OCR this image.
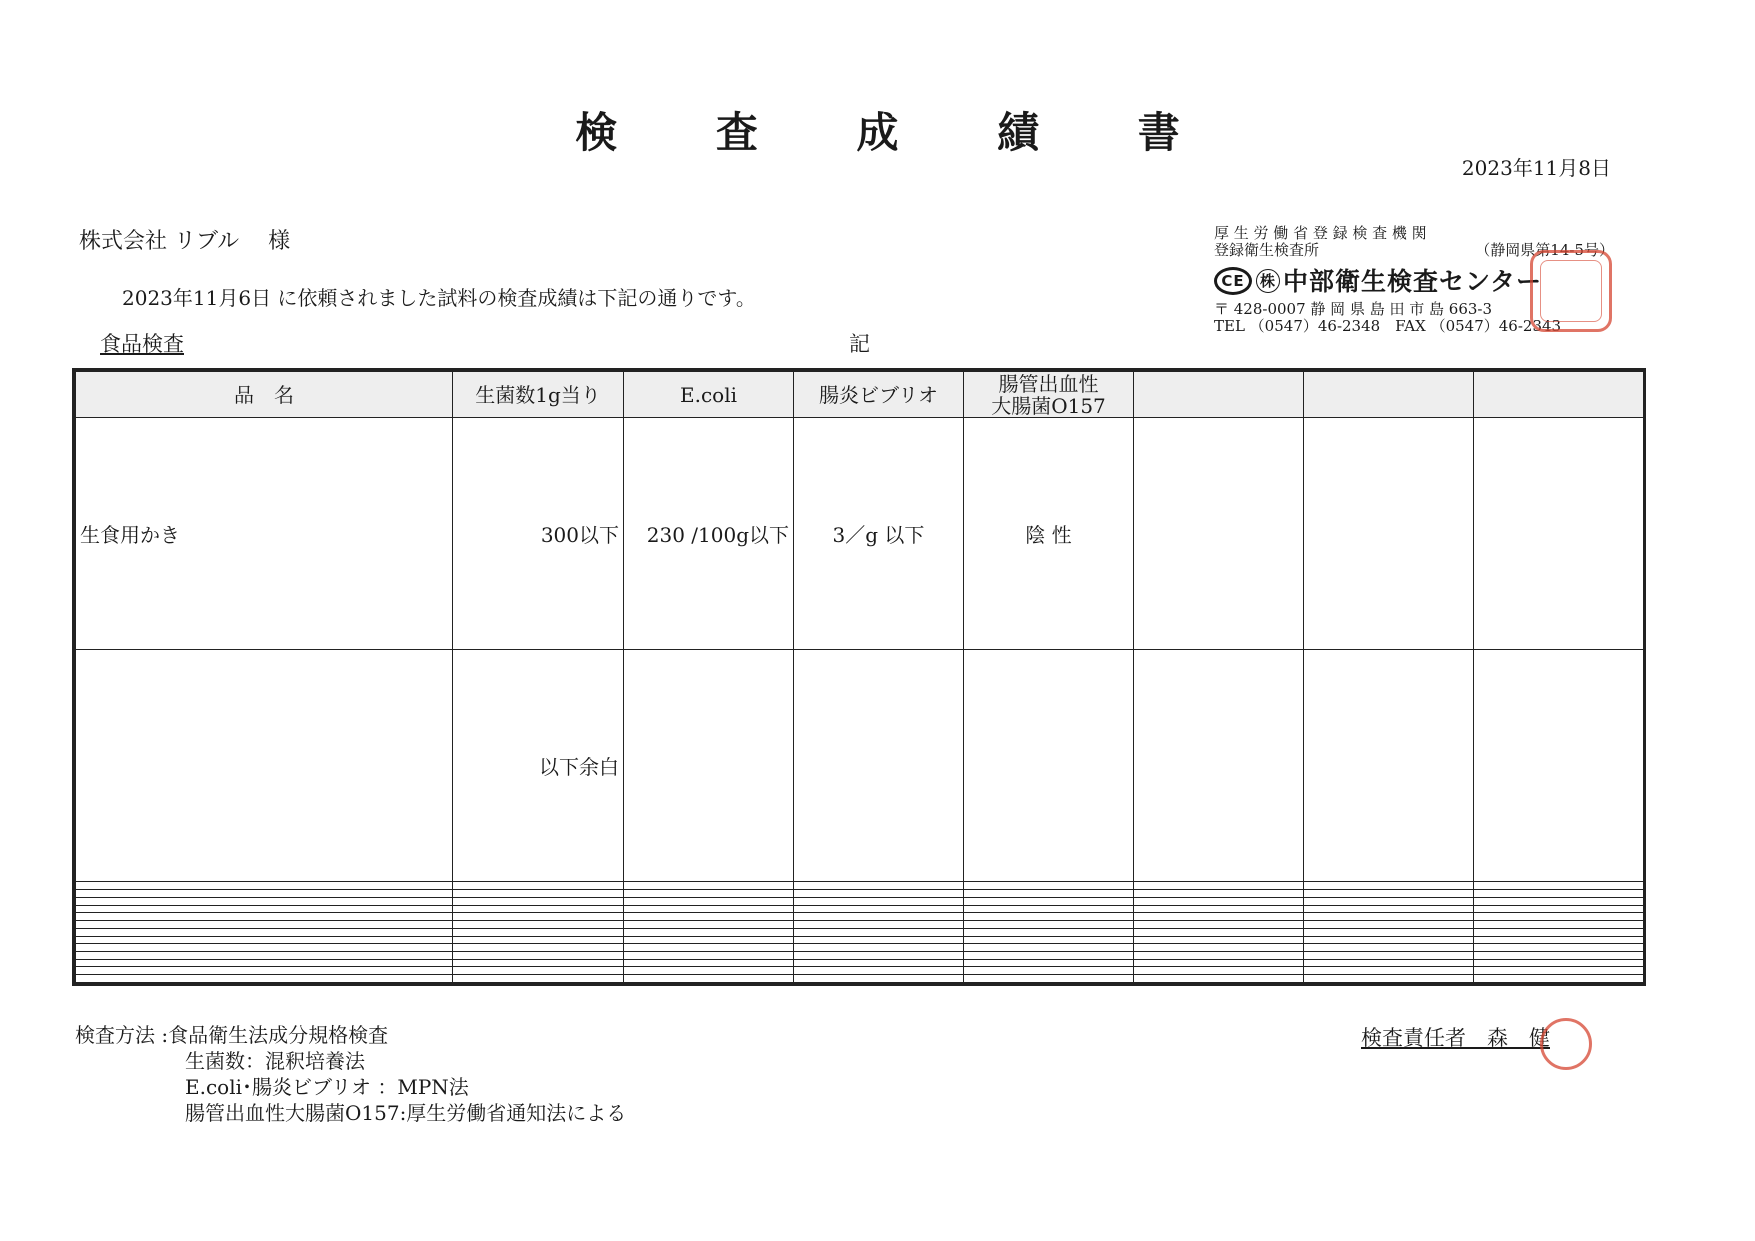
検 査 成 績 書
2023年11月8日
株式会社 リブル　 様
2023年11月6日 に依頼されました試料の検査成績は下記の通りです。
食品検査	記
厚 生 労 働 省 登 録 検 査 機 関
登録衛生検査所	（静岡県第14-5号）
CE	株 中部衛生検査センター
〒 428-0007 静 岡 県 島 田 市 島 663-3
TEL （0547）46-2348　FAX （0547）46-2343
品　名	生菌数1g当り	E.coli	腸炎ビブリオ	腸管出血性
大腸菌O157			
生食用かき	300以下	230 /100g以下	3／g 以下	陰 性			
	以下余白						

検査方法 :食品衛生法成分規格検査
生菌数：混釈培養法
E.coli･腸炎ビブリオ ：MPN法
腸管出血性大腸菌O157:厚生労働省通知法による
検査責任者　森　健
